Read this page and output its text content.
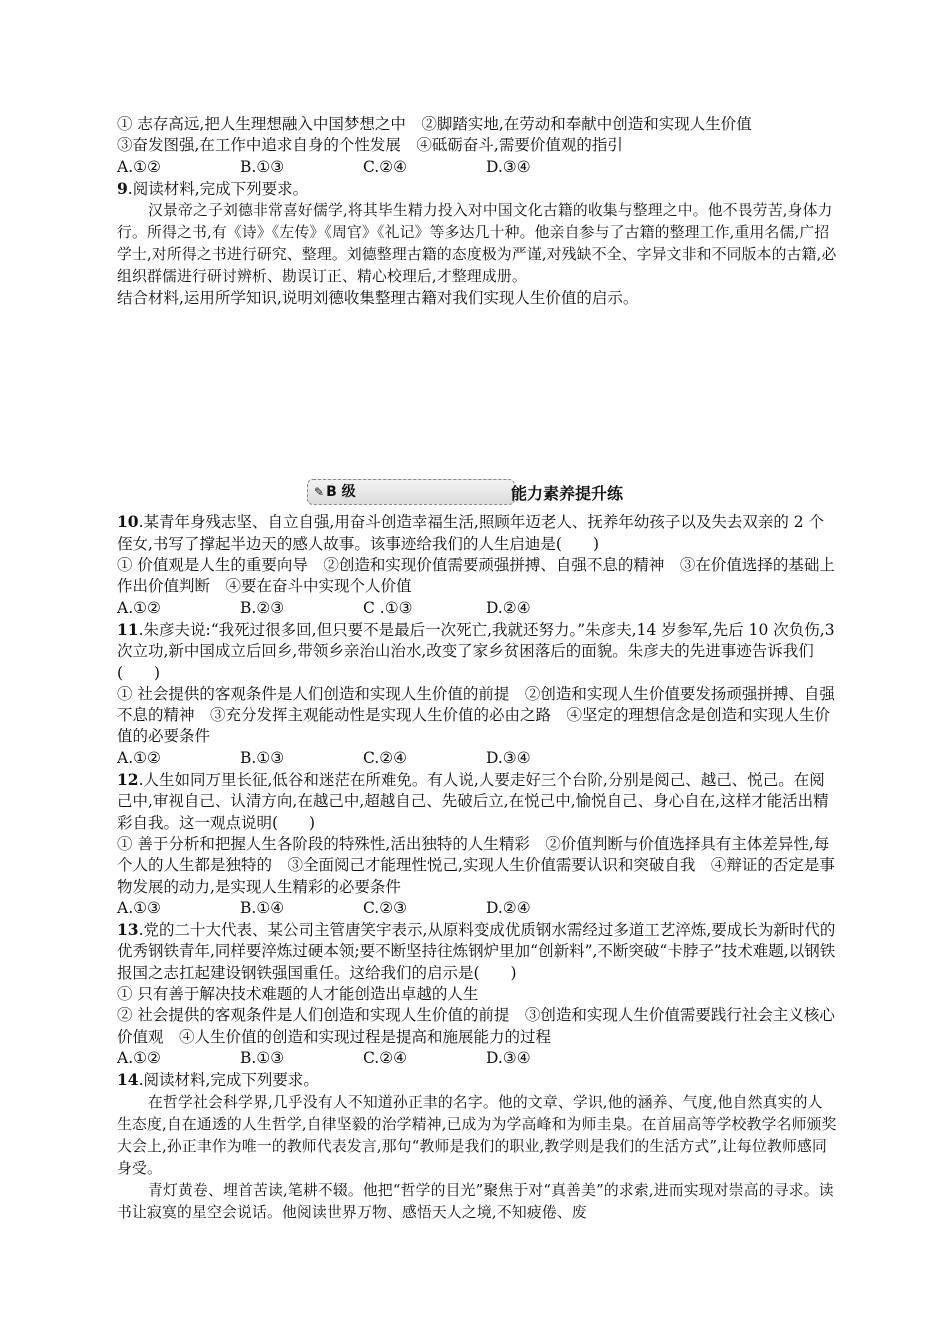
① 志存高远,把人生理想融入中国梦想之中　②脚踏实地,在劳动和奉献中创造和实现人生价值
③奋发图强,在工作中追求自身的个性发展　④砥砺奋斗,需要价值观的指引
A.①②	B.①③	C.②④	D.③④
9.阅读材料,完成下列要求。
汉景帝之子刘德非常喜好儒学,将其毕生精力投入对中国文化古籍的收集与整理之中。他不畏劳苦,身体力行。所得之书,有《诗》《左传》《周官》《礼记》等多达几十种。他亲自参与了古籍的整理工作,重用名儒,广招学士,对所得之书进行研究、整理。刘德整理古籍的态度极为严谨,对残缺不全、字异文非和不同版本的古籍,必组织群儒进行研讨辨析、勘误订正、精心校理后,才整理成册。
结合材料,运用所学知识,说明刘德收集整理古籍对我们实现人生价值的启示。
✎ B 级	能力素养提升练
10.某青年身残志坚、自立自强,用奋斗创造幸福生活,照顾年迈老人、抚养年幼孩子以及失去双亲的 2 个侄女,书写了撑起半边天的感人故事。该事迹给我们的人生启迪是(　　)
① 价值观是人生的重要向导　②创造和实现价值需要顽强拼搏、自强不息的精神　③在价值选择的基础上作出价值判断　④要在奋斗中实现个人价值
A.①②	B.②③	C .①③	D.②④
11.朱彦夫说:“我死过很多回,但只要不是最后一次死亡,我就还努力。”朱彦夫,14 岁参军,先后 10 次负伤,3 次立功,新中国成立后回乡,带领乡亲治山治水,改变了家乡贫困落后的面貌。朱彦夫的先进事迹告诉我们(　　)
① 社会提供的客观条件是人们创造和实现人生价值的前提　②创造和实现人生价值要发扬顽强拼搏、自强不息的精神　③充分发挥主观能动性是实现人生价值的必由之路　④坚定的理想信念是创造和实现人生价值的必要条件
A.①②	B.①③	C.②④	D.③④
12.人生如同万里长征,低谷和迷茫在所难免。有人说,人要走好三个台阶,分别是阅己、越己、悦己。在阅己中,审视自己、认清方向,在越己中,超越自己、先破后立,在悦己中,愉悦自己、身心自在,这样才能活出精彩自我。这一观点说明(　　)
① 善于分析和把握人生各阶段的特殊性,活出独特的人生精彩　②价值判断与价值选择具有主体差异性,每个人的人生都是独特的　③全面阅己才能理性悦己,实现人生价值需要认识和突破自我　④辩证的否定是事物发展的动力,是实现人生精彩的必要条件
A.①③	B.①④	C.②③	D.②④
13.党的二十大代表、某公司主管唐笑宇表示,从原料变成优质钢水需经过多道工艺淬炼,要成长为新时代的优秀钢铁青年,同样要淬炼过硬本领;要不断坚持往炼钢炉里加“创新料”,不断突破“卡脖子”技术难题,以钢铁报国之志扛起建设钢铁强国重任。这给我们的启示是(　　)
① 只有善于解决技术难题的人才能创造出卓越的人生
② 社会提供的客观条件是人们创造和实现人生价值的前提　③创造和实现人生价值需要践行社会主义核心价值观　④人生价值的创造和实现过程是提高和施展能力的过程
A.①②	B.①③	C.②④	D.③④
14.阅读材料,完成下列要求。
在哲学社会科学界,几乎没有人不知道孙正聿的名字。他的文章、学识,他的涵养、气度,他自然真实的人生态度,自在通透的人生哲学,自律坚毅的治学精神,已成为为学高峰和为师圭臬。在首届高等学校教学名师颁奖大会上,孙正聿作为唯一的教师代表发言,那句“教师是我们的职业,教学则是我们的生活方式”,让每位教师感同身受。
青灯黄卷、埋首苦读,笔耕不辍。他把“哲学的目光”聚焦于对“真善美”的求索,进而实现对崇高的寻求。读书让寂寞的星空会说话。他阅读世界万物、感悟天人之境,不知疲倦、废
